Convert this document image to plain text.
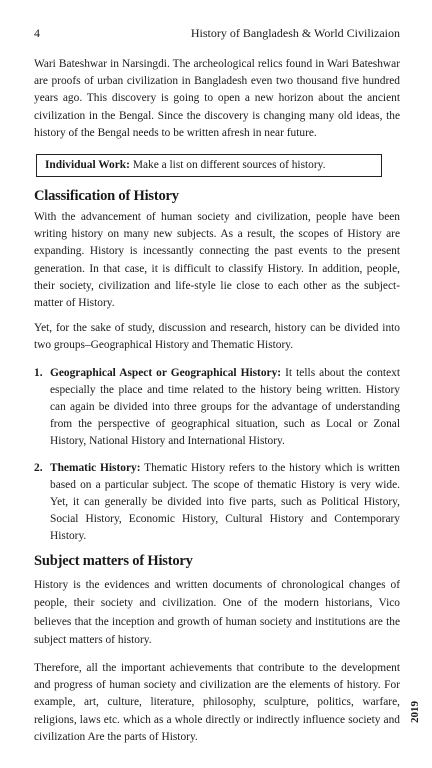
4	History of Bangladesh & World Civilizaion

Wari Bateshwar in Narsingdi. The archeological relics found in Wari Bateshwar are proofs of urban civilization in Bangladesh even two thousand five hundred years ago. This discovery is going to open a new horizon about the ancient civilization in the Bengal. Since the discovery is changing many old ideas, the history of the Bengal needs to be written afresh in near future.

Individual Work: Make a list on different sources of history.
Classification of History

With the advancement of human society and civilization, people have been writing history on many new subjects. As a result, the scopes of History are expanding. History is incessantly connecting the past events to the present generation. In that case, it is difficult to classify History. In addition, people, their society, civilization and life-style lie close to each other as the subject-matter of History.

Yet, for the sake of study, discussion and research, history can be divided into two groups–Geographical History and Thematic History.

1. Geographical Aspect or Geographical History: It tells about the context especially the place and time related to the history being written. History can again be divided into three groups for the advantage of understanding from the perspective of geographical situation, such as Local or Zonal History, National History and International History.
2. Thematic History: Thematic History refers to the history which is written based on a particular subject. The scope of thematic History is very wide. Yet, it can generally be divided into five parts, such as Political History, Social History, Economic History, Cultural History and Contemporary History.
Subject matters of History

History is the evidences and written documents of chronological changes of people, their society and civilization. One of the modern historians, Vico believes that the inception and growth of human society and institutions are the subject matters of history.

Therefore, all the important achievements that contribute to the development and progress of human society and civilization are the elements of history. For example, art, culture, literature, philosophy, sculpture, politics, warfare, religions, laws etc. which as a whole directly or indirectly influence society and civilization Are the parts of History.

2019
